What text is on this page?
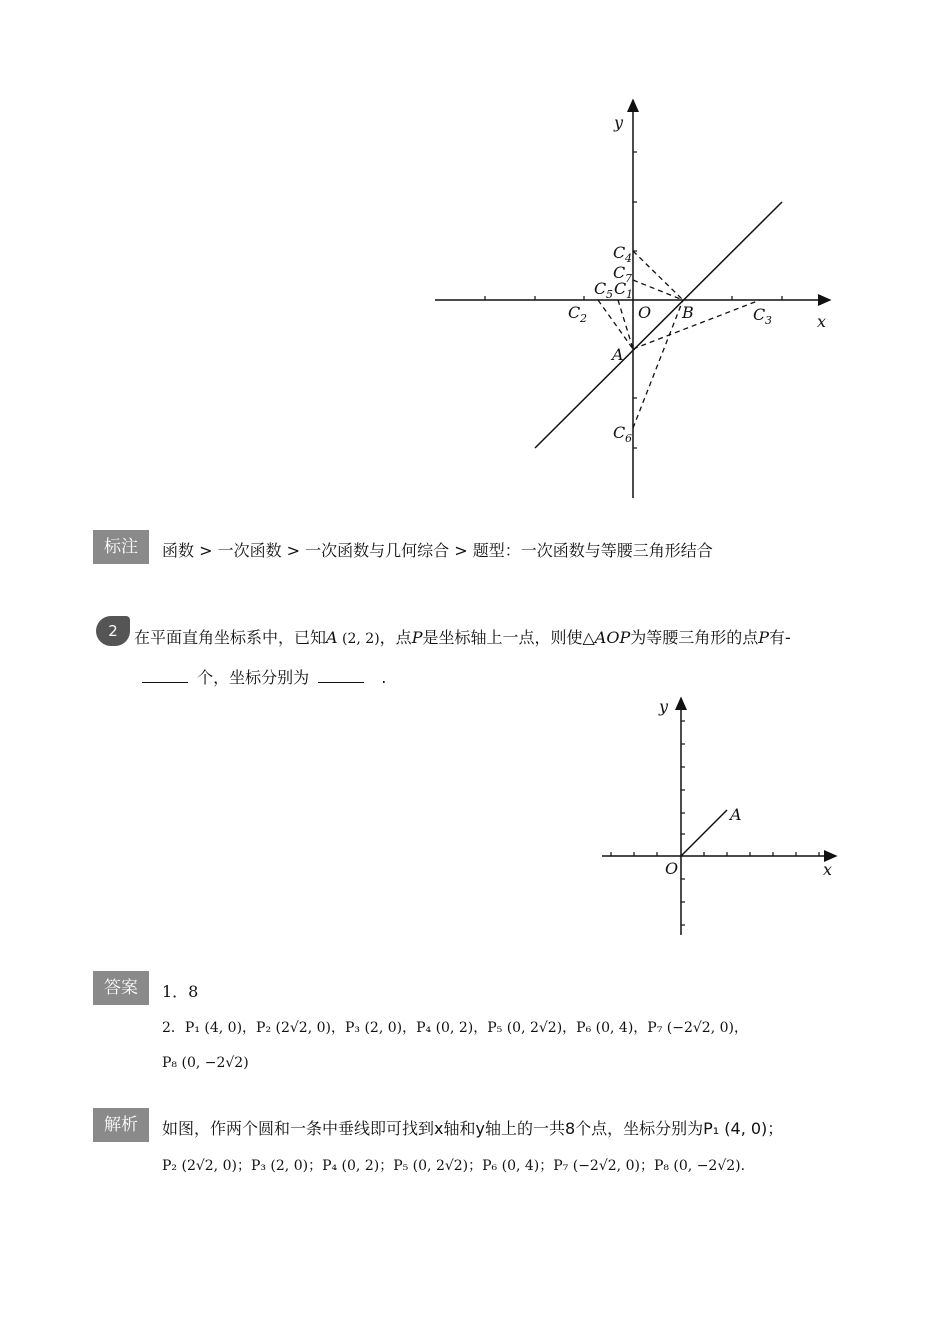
y
x
O B
A
C 4
C 7
C 5 C 1
C 2	C 3
C 6
标注	函数 > 一次函数 > 一次函数与几何综合 > 题型：一次函数与等腰三角形结合
2	在平面直角坐标系中，已知A (2, 2)，点P是坐标轴上一点，则使△AOP为等腰三角形的点P有-
个，坐标分别为	.
y
x
O
A
答案	1．8
2．P₁ (4, 0)，P₂ (2√2, 0)，P₃ (2, 0)，P₄ (0, 2)，P₅ (0, 2√2)，P₆ (0, 4)，P₇ (−2√2, 0)，
P₈ (0, −2√2)
解析	如图，作两个圆和一条中垂线即可找到x轴和y轴上的一共8个点，坐标分别为P₁ (4, 0)；
P₂ (2√2, 0)；P₃ (2, 0)；P₄ (0, 2)；P₅ (0, 2√2)；P₆ (0, 4)；P₇ (−2√2, 0)；P₈ (0, −2√2)．
